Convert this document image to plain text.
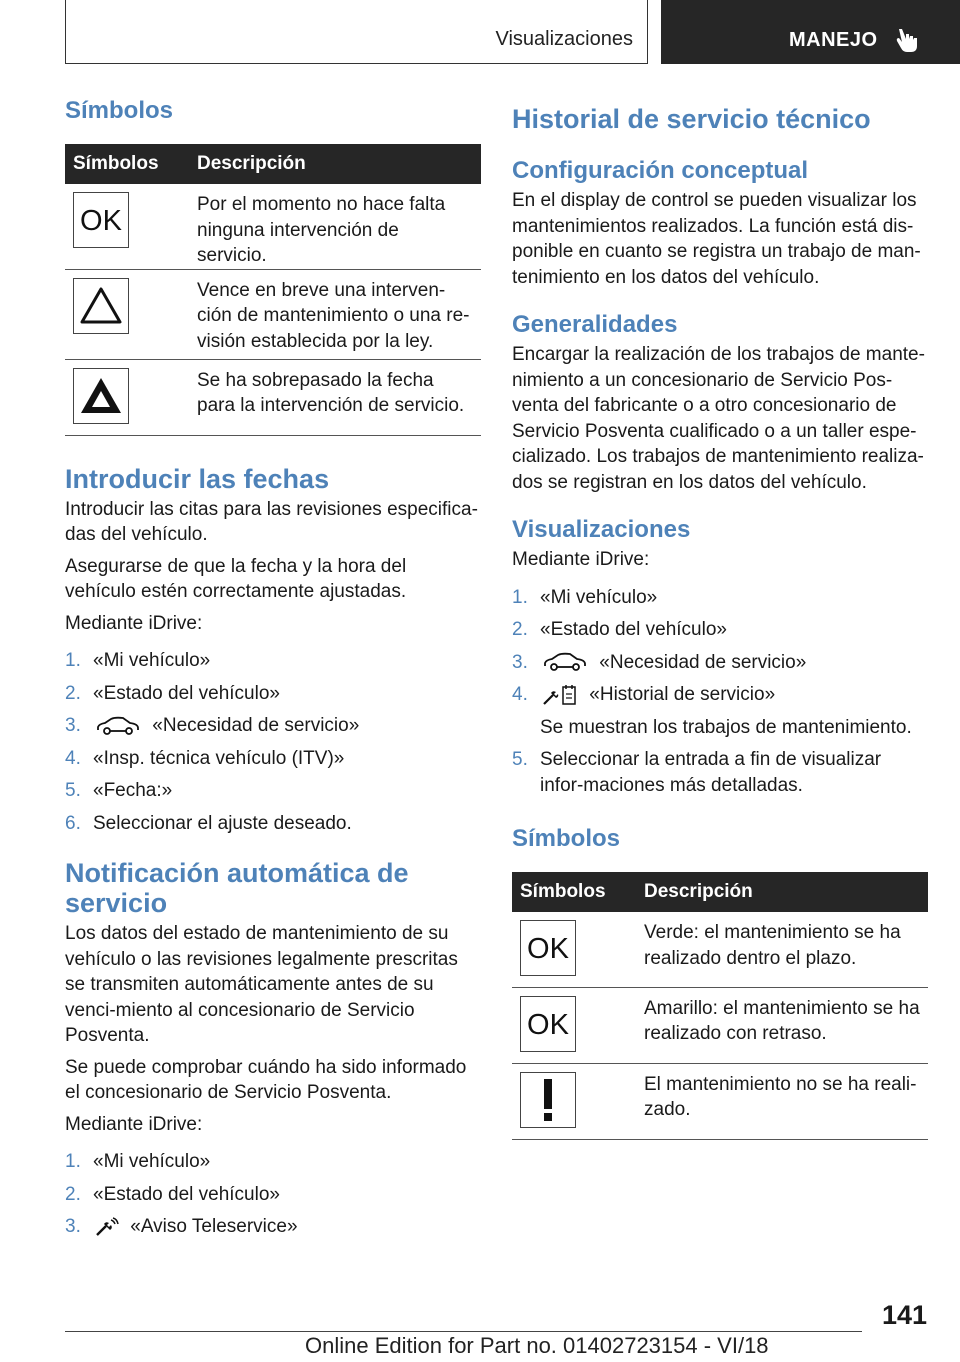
Visualizaciones	MANEJO
Símbolos
Símbolos	Descripción

OK	Por el momento no hace falta ninguna intervención de servicio.

	Vence en breve una interven-ción de mantenimiento o una re-visión establecida por la ley.

	Se ha sobrepasado la fecha para la intervención de servicio.
Introducir las fechas

Introducir las citas para las revisiones especifica-das del vehículo.

Asegurarse de que la fecha y la hora del vehículo estén correctamente ajustadas.

Mediante iDrive:

1. «Mi vehículo»
2. «Estado del vehículo»
3.	«Necesidad de servicio»
4. «Insp. técnica vehículo (ITV)»
5. «Fecha:»
6. Seleccionar el ajuste deseado.
Notificación automática de servicio

Los datos del estado de mantenimiento de su vehículo o las revisiones legalmente prescritas se transmiten automáticamente antes de su venci-miento al concesionario de Servicio Posventa.

Se puede comprobar cuándo ha sido informado el concesionario de Servicio Posventa.

Mediante iDrive:

1. «Mi vehículo»
2. «Estado del vehículo»
3.	«Aviso Teleservice»
Historial de servicio técnico
Configuración conceptual

En el display de control se pueden visualizar los mantenimientos realizados. La función está dis-ponible en cuanto se registra un trabajo de man-tenimiento en los datos del vehículo.

Generalidades

Encargar la realización de los trabajos de mante-nimiento a un concesionario de Servicio Pos-venta del fabricante o a otro concesionario de Servicio Posventa cualificado o a un taller espe-cializado. Los trabajos de mantenimiento realiza-dos se registran en los datos del vehículo.

Visualizaciones

Mediante iDrive:

1. «Mi vehículo»
2. «Estado del vehículo»
3.	«Necesidad de servicio»
4.	«Historial de servicio»
Se muestran los trabajos de mantenimiento.
5. Seleccionar la entrada a fin de visualizar infor-maciones más detalladas.
Símbolos
Símbolos	Descripción

OK	Verde: el mantenimiento se ha realizado dentro el plazo.

OK	Amarillo: el mantenimiento se ha realizado con retraso.

	El mantenimiento no se ha reali-zado.
141
Online Edition for Part no. 01402723154 - VI/18
